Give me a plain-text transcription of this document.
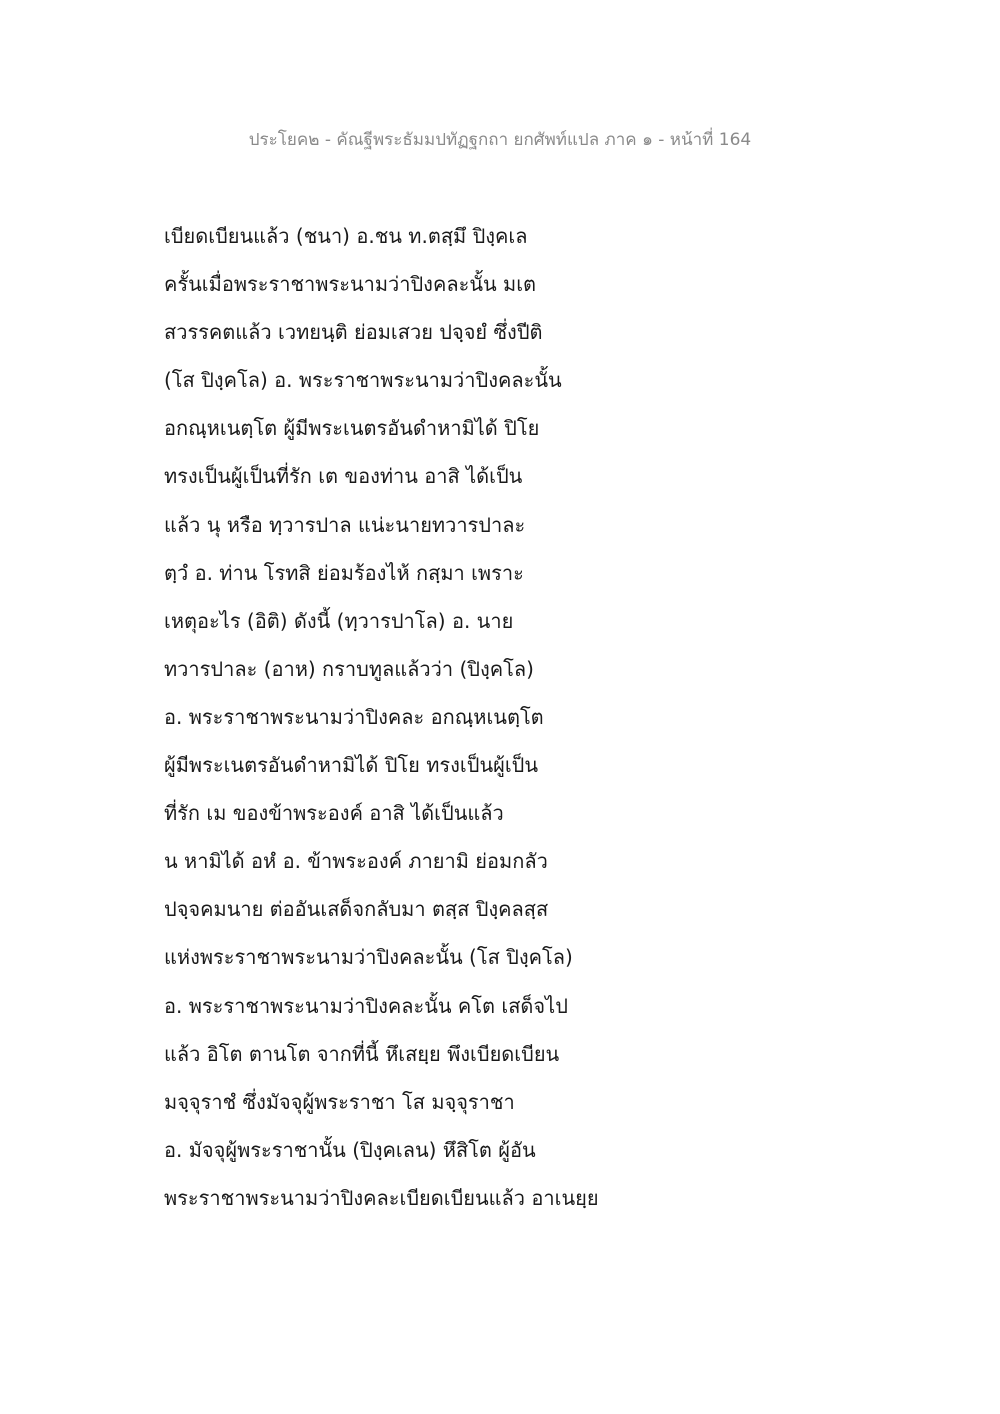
ประโยค๒ - คัณฐีพระธัมมปทัฏฐกถา ยกศัพท์แปล ภาค ๑ - หน้าที่ 164
เบียดเบียนแล้ว (ชนา) อ.ชน ท.ตสฺมึ ปิงฺคเล
ครั้นเมื่อพระราชาพระนามว่าปิงคละนั้น มเต
สวรรคตแล้ว เวทยนฺติ ย่อมเสวย ปจฺจยํ ซึ่งปีติ
(โส ปิงฺคโล) อ. พระราชาพระนามว่าปิงคละนั้น
อกณฺหเนตฺโต ผู้มีพระเนตรอันดำหามิได้ ปิโย
ทรงเป็นผู้เป็นที่รัก เต ของท่าน อาสิ ได้เป็น
แล้ว นุ หรือ ทฺวารปาล แน่ะนายทวารปาละ
ตฺวํ อ. ท่าน โรทสิ ย่อมร้องไห้ กสฺมา เพราะ
เหตุอะไร (อิติ) ดังนี้ (ทฺวารปาโล) อ. นาย
ทวารปาละ (อาห) กราบทูลแล้วว่า (ปิงฺคโล)
อ. พระราชาพระนามว่าปิงคละ อกณฺหเนตฺโต
ผู้มีพระเนตรอันดำหามิได้ ปิโย ทรงเป็นผู้เป็น
ที่รัก เม ของข้าพระองค์ อาสิ ได้เป็นแล้ว
น หามิได้ อหํ อ. ข้าพระองค์ ภายามิ ย่อมกลัว
ปจฺจคมนาย ต่ออันเสด็จกลับมา ตสฺส ปิงฺคลสฺส
แห่งพระราชาพระนามว่าปิงคละนั้น (โส ปิงฺคโล)
อ. พระราชาพระนามว่าปิงคละนั้น คโต เสด็จไป
แล้ว อิโต ตานโต จากที่นี้ หึเสยฺย พึงเบียดเบียน
มจฺจุราชํ ซึ่งมัจจุผู้พระราชา โส มจฺจุราชา
อ. มัจจุผู้พระราชานั้น (ปิงฺคเลน) หึสิโต ผู้อัน
พระราชาพระนามว่าปิงคละเบียดเบียนแล้ว อาเนยฺย
